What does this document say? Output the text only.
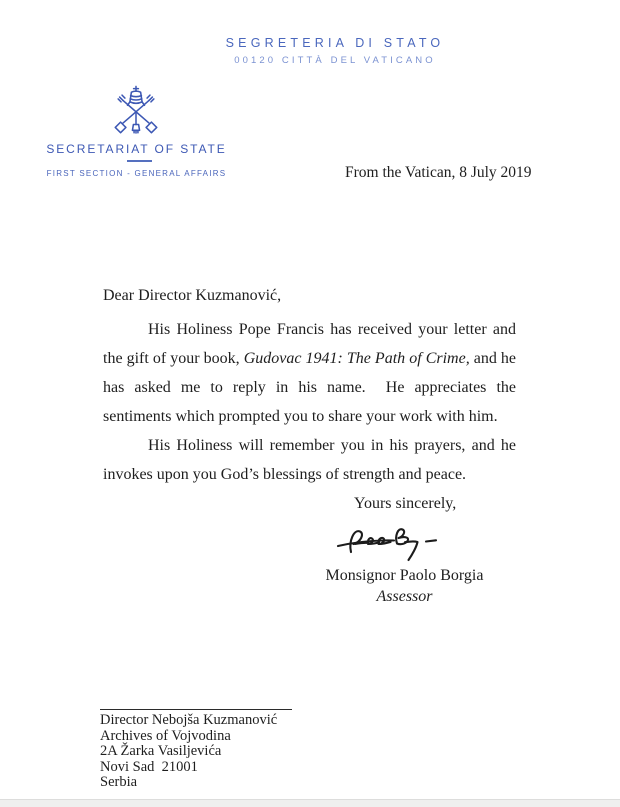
SEGRETERIA DI STATO
00120 CITTÀ DEL VATICANO
SECRETARIAT OF STATE
FIRST SECTION - GENERAL AFFAIRS	From the Vatican, 8 July 2019
Dear Director Kuzmanović,

His Holiness Pope Francis has received your letter and the gift of your book, Gudovac 1941: The Path of Crime, and he has asked me to reply in his name.  He appreciates the sentiments which prompted you to share your work with him.

His Holiness will remember you in his prayers, and he invokes upon you God’s blessings of strength and peace.

Yours sincerely,
Monsignor Paolo Borgia
Assessor
Director Nebojša Kuzmanović
Archives of Vojvodina
2A Žarka Vasiljevića
Novi Sad  21001
Serbia
